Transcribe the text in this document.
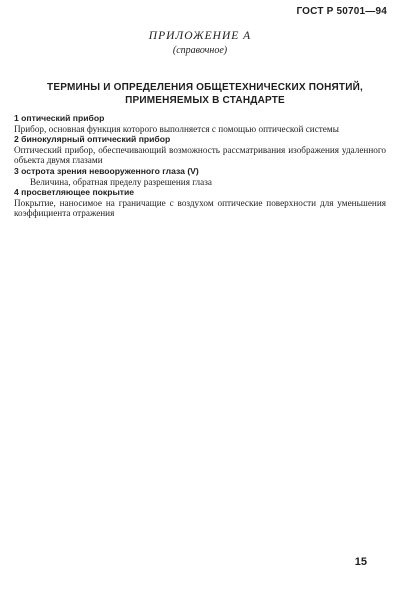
ГОСТ Р 50701—94
ПРИЛОЖЕНИЕ А
(справочное)
ТЕРМИНЫ И ОПРЕДЕЛЕНИЯ ОБЩЕТЕХНИЧЕСКИХ ПОНЯТИЙ,
ПРИМЕНЯЕМЫХ В СТАНДАРТЕ
1 оптический прибор
Прибор, основная функция которого выполняется с помощью оптической системы
2 бинокулярный оптический прибор
Оптический прибор, обеспечивающий возможность рассматривания изображения удаленного объекта двумя глазами
3 острота зрения невооруженного глаза (V)
Величина, обратная пределу разрешения глаза
4 просветляющее покрытие
Покрытие, наносимое на граничащие с воздухом оптические поверхности для уменьшения коэффициента отражения
15
